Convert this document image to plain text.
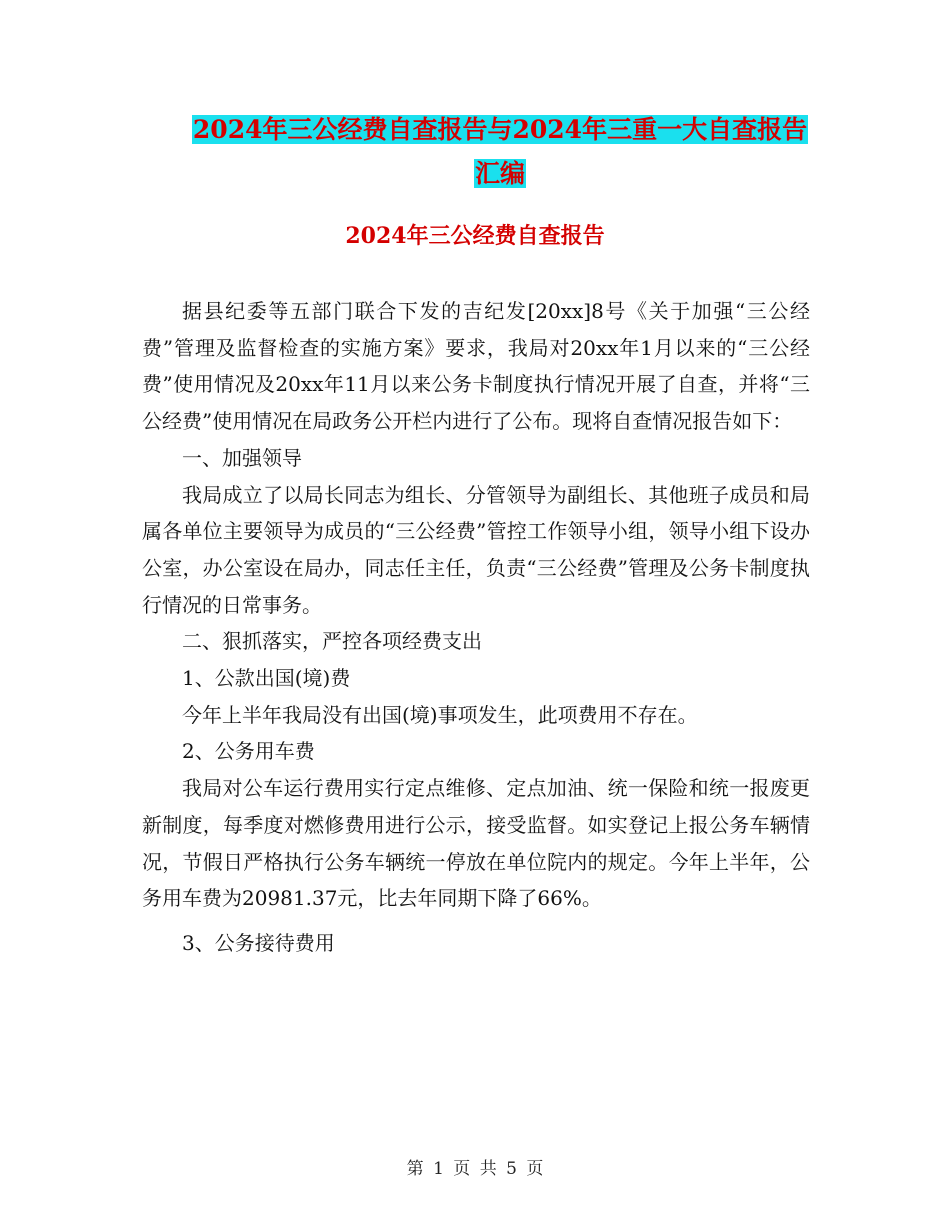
2024年三公经费自查报告与2024年三重一大自查报告
汇编
2024年三公经费自查报告

据县纪委等五部门联合下发的吉纪发[20xx]8号《关于加强“三公经费”管理及监督检查的实施方案》要求，我局对20xx年1月以来的“三公经费”使用情况及20xx年11月以来公务卡制度执行情况开展了自查，并将“三公经费”使用情况在局政务公开栏内进行了公布。现将自查情况报告如下：

一、加强领导

我局成立了以局长同志为组长、分管领导为副组长、其他班子成员和局属各单位主要领导为成员的“三公经费”管控工作领导小组，领导小组下设办公室，办公室设在局办，同志任主任，负责“三公经费”管理及公务卡制度执行情况的日常事务。

二、狠抓落实，严控各项经费支出

1、公款出国(境)费

今年上半年我局没有出国(境)事项发生，此项费用不存在。

2、公务用车费

我局对公车运行费用实行定点维修、定点加油、统一保险和统一报废更新制度，每季度对燃修费用进行公示，接受监督。如实登记上报公务车辆情况，节假日严格执行公务车辆统一停放在单位院内的规定。今年上半年，公务用车费为20981.37元，比去年同期下降了66%。

3、公务接待费用

第 1 页 共 5 页
